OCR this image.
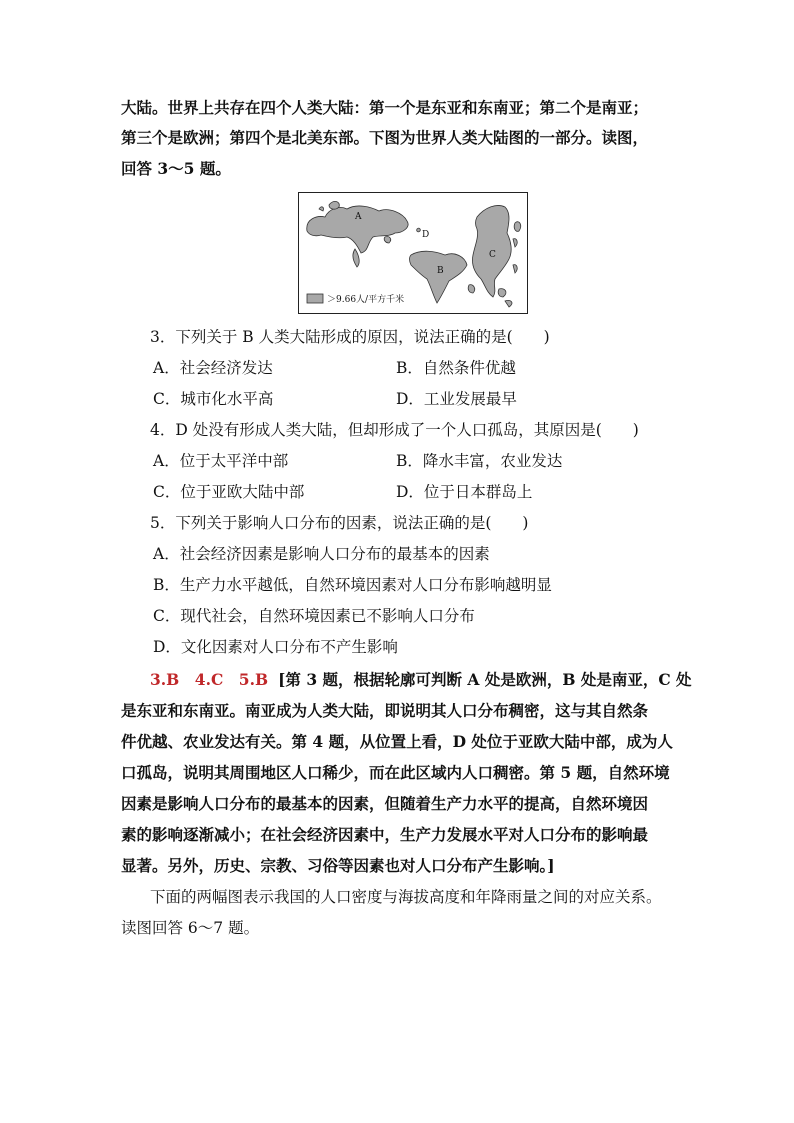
大陆。世界上共存在四个人类大陆：第一个是东亚和东南亚；第二个是南亚；
第三个是欧洲；第四个是北美东部。下图为世界人类大陆图的一部分。读图，
回答 3～5 题。
A
D
B
C
＞9.66人/平方千米
3．下列关于 B 人类大陆形成的原因，说法正确的是(　　)
A．社会经济发达	B．自然条件优越
C．城市化水平高	D．工业发展最早
4．D 处没有形成人类大陆，但却形成了一个人口孤岛，其原因是(　　)
A．位于太平洋中部	B．降水丰富，农业发达
C．位于亚欧大陆中部	D．位于日本群岛上
5．下列关于影响人口分布的因素，说法正确的是(　　)
A．社会经济因素是影响人口分布的最基本的因素
B．生产力水平越低，自然环境因素对人口分布影响越明显
C．现代社会，自然环境因素已不影响人口分布
D．文化因素对人口分布不产生影响
3.B　4.C　5.B [第 3 题，根据轮廓可判断 A 处是欧洲，B 处是南亚，C 处
是东亚和东南亚。南亚成为人类大陆，即说明其人口分布稠密，这与其自然条
件优越、农业发达有关。第 4 题，从位置上看，D 处位于亚欧大陆中部，成为人
口孤岛，说明其周围地区人口稀少，而在此区域内人口稠密。第 5 题，自然环境
因素是影响人口分布的最基本的因素，但随着生产力水平的提高，自然环境因
素的影响逐渐减小；在社会经济因素中，生产力发展水平对人口分布的影响最
显著。另外，历史、宗教、习俗等因素也对人口分布产生影响。]
下面的两幅图表示我国的人口密度与海拔高度和年降雨量之间的对应关系。
读图回答 6～7 题。
